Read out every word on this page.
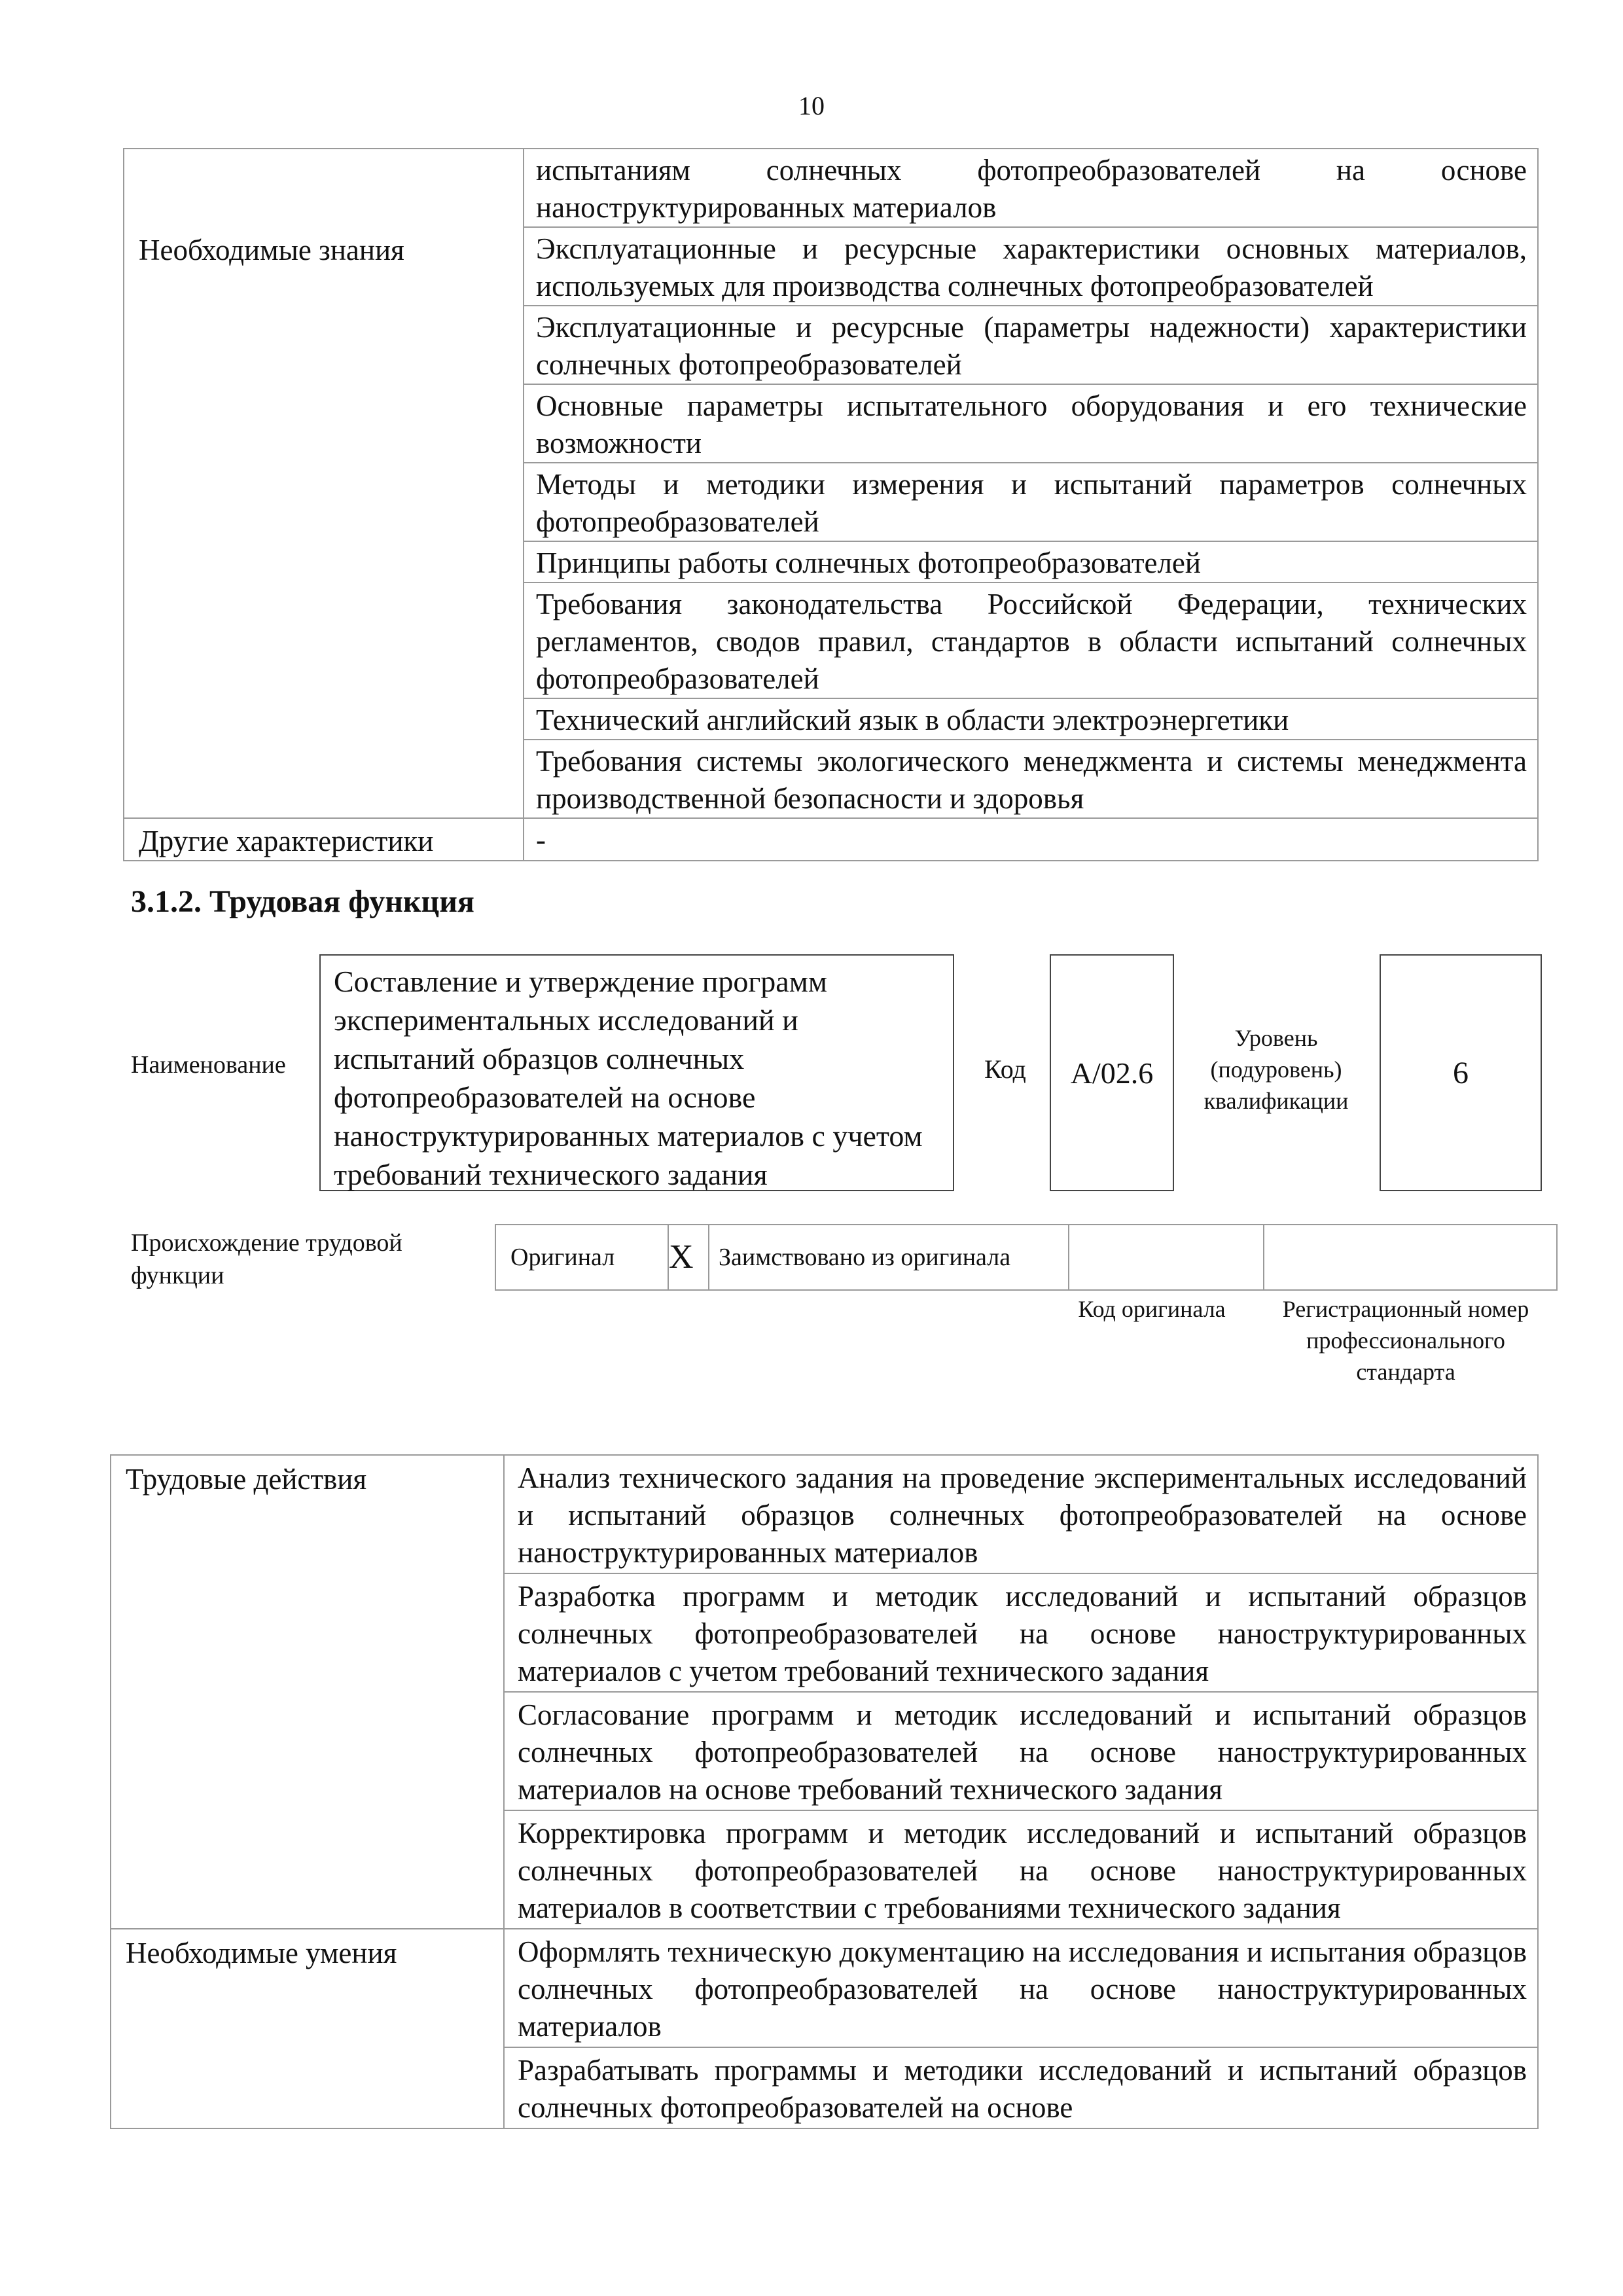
10
	испытаниям солнечных фотопреобразователей на основе наноструктурированных материалов
Необходимые знания	Эксплуатационные и ресурсные характеристики основных материалов, используемых для производства солнечных фотопреобразователей
	Эксплуатационные и ресурсные (параметры надежности) характеристики солнечных фотопреобразователей
	Основные параметры испытательного оборудования и его технические возможности
	Методы и методики измерения и испытаний параметров солнечных фотопреобразователей
	Принципы работы солнечных фотопреобразователей
	Требования законодательства Российской Федерации, технических регламентов, сводов правил, стандартов в области испытаний солнечных фотопреобразователей
	Технический английский язык в области электроэнергетики
	Требования системы экологического менеджмента и системы менеджмента производственной безопасности и здоровья
Другие характеристики	-
3.1.2. Трудовая функция
Наименование
Составление и утверждение программ экспериментальных исследований и испытаний образцов солнечных фотопреобразователей на основе наноструктурированных материалов с учетом требований технического задания
Код	A/02.6
Уровень (подуровень) квалификации
6
Происхождение трудовой функции
Оригинал	X	Заимствовано из оригинала		
Код оригинала	Регистрационный номер профессионального стандарта
Трудовые действия	Анализ технического задания на проведение экспериментальных исследований и испытаний образцов солнечных фотопреобразователей на основе наноструктурированных материалов
	Разработка программ и методик исследований и испытаний образцов солнечных фотопреобразователей на основе наноструктурированных материалов с учетом требований технического задания
	Согласование программ и методик исследований и испытаний образцов солнечных фотопреобразователей на основе наноструктурированных материалов на основе требований технического задания
	Корректировка программ и методик исследований и испытаний образцов солнечных фотопреобразователей на основе наноструктурированных материалов в соответствии с требованиями технического задания
Необходимые умения	Оформлять техническую документацию на исследования и испытания образцов солнечных фотопреобразователей на основе наноструктурированных материалов
	Разрабатывать программы и методики исследований и испытаний образцов солнечных фотопреобразователей на основе
